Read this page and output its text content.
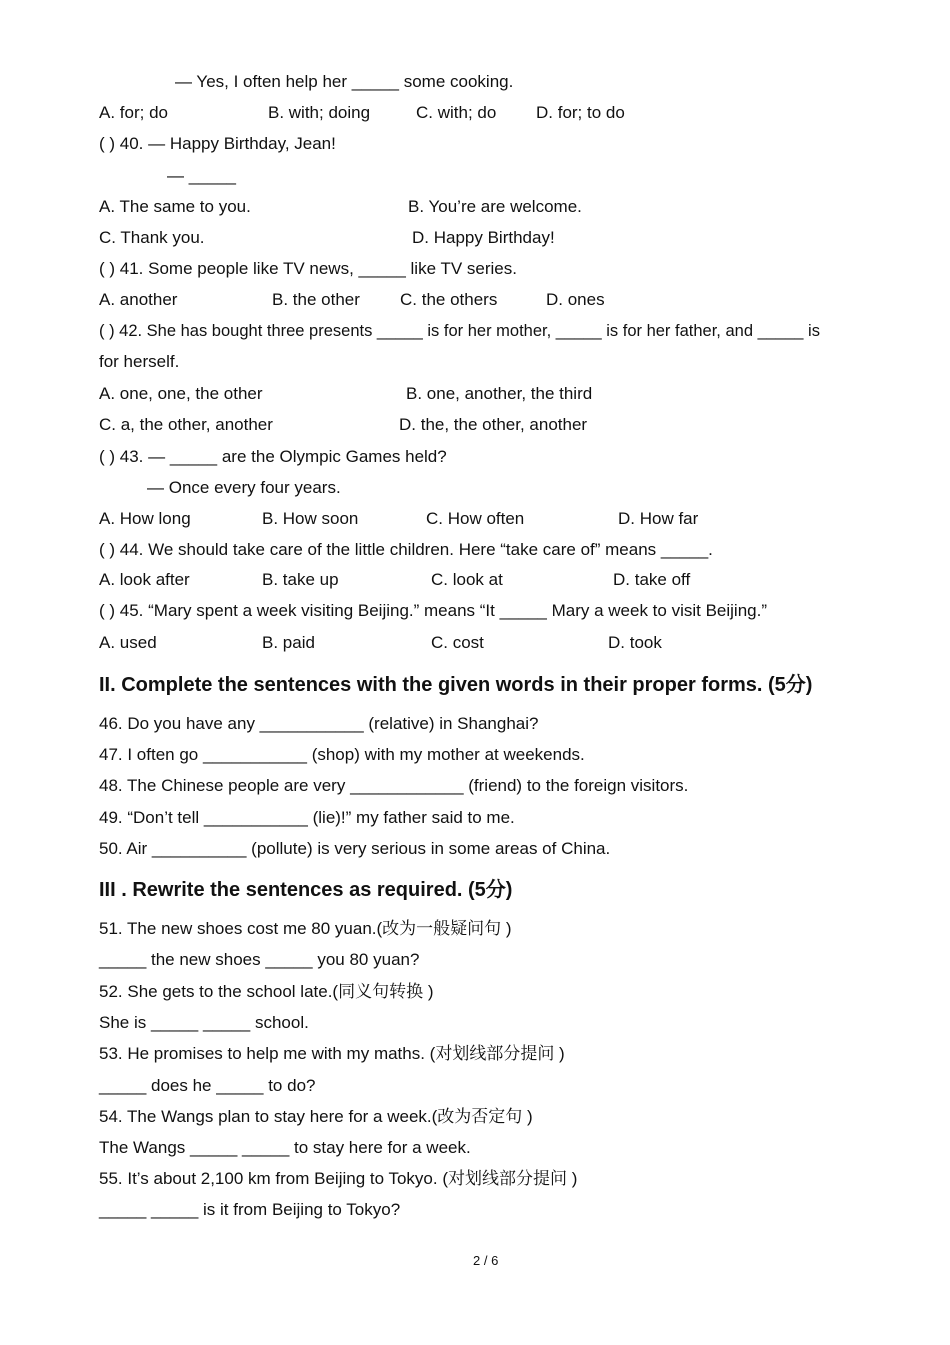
— Yes, I often help her _____ some cooking.
A. for; do	B. with; doing	C. with; do D. for; to do
( ) 40. — Happy Birthday, Jean!
— _____
A. The same to you.	B. You’re are welcome.
C. Thank you.	D. Happy Birthday!
( ) 41. Some people like TV news, _____ like TV series.
A. another	B. the other C. the others	D. ones
( ) 42. She has bought three presents _____ is for her mother, _____ is for her father, and _____ is
for herself.
A. one, one, the other	B. one, another, the third
C. a, the other, another	D. the, the other, another
( ) 43. — _____ are the Olympic Games held?
— Once every four years.
A. How long	B. How soon	C. How often	D. How far
( ) 44. We should take care of the little children. Here “take care of” means _____.
A. look after	B. take up	C. look at	D. take off
( ) 45. “Mary spent a week visiting Beijing.” means “It _____ Mary a week to visit Beijing.”
A. used	B. paid	C. cost	D. took
II. Complete the sentences with the given words in their proper forms. (5分)
46. Do you have any ___________ (relative) in Shanghai?
47. I often go ___________ (shop) with my mother at weekends.
48. The Chinese people are very ____________ (friend) to the foreign visitors.
49. “Don’t tell ___________ (lie)!” my father said to me.
50. Air __________ (pollute) is very serious in some areas of China.
III . Rewrite the sentences as required. (5分)
51. The new shoes cost me 80 yuan.(改为一般疑问句 )
_____ the new shoes _____ you 80 yuan?
52. She gets to the school late.(同义句转换 )
She is _____ _____ school.
53. He promises to help me with my maths. (对划线部分提问 )
_____ does he _____ to do?
54. The Wangs plan to stay here for a week.(改为否定句 )
The Wangs _____ _____ to stay here for a week.
55. It’s about 2,100 km from Beijing to Tokyo. (对划线部分提问 )
_____ _____ is it from Beijing to Tokyo?
2 / 6
